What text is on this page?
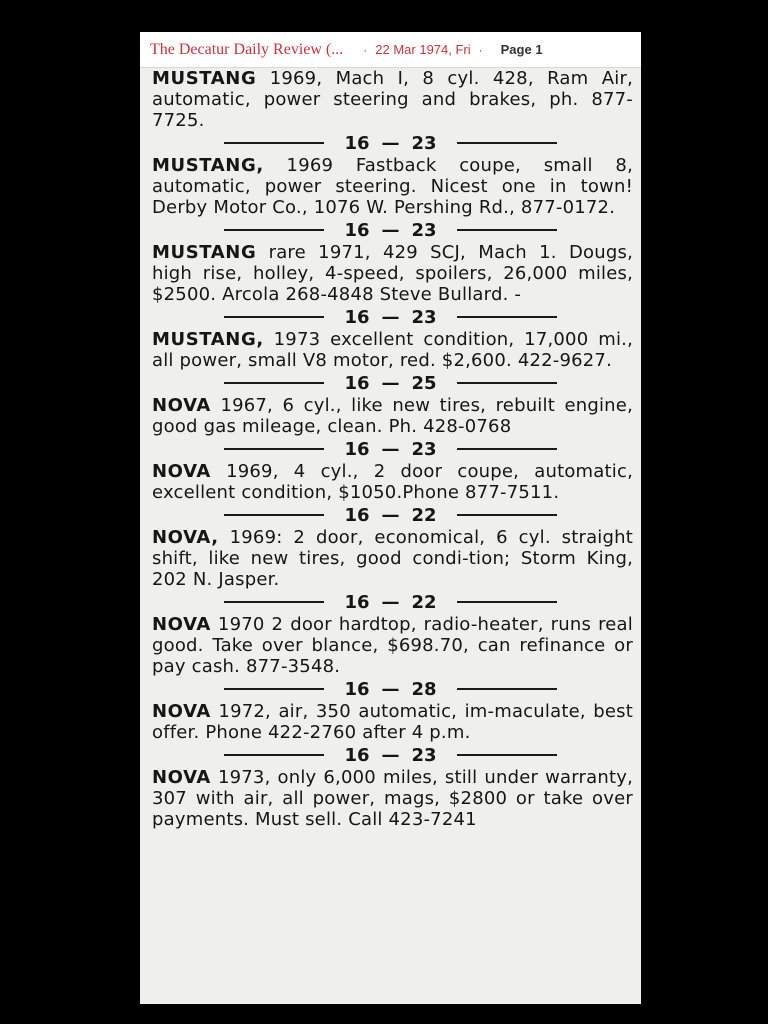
The Decatur Daily Review (... · 22 Mar 1974, Fri · Page 1

MUSTANG 1969, Mach I, 8 cyl. 428, Ram Air, automatic, power steering and brakes, ph. 877-7725.

16 — 23

MUSTANG, 1969 Fastback coupe, small 8, automatic, power steering. Nicest one in town! Derby Motor Co., 1076 W. Pershing Rd., 877-0172.

16 — 23

MUSTANG rare 1971, 429 SCJ, Mach 1. Dougs, high rise, holley, 4-speed, spoilers, 26,000 miles, $2500. Arcola 268-4848 Steve Bullard. -

16 — 23

MUSTANG, 1973 excellent condition, 17,000 mi., all power, small V8 motor, red. $2,600. 422-9627.

16 — 25

NOVA 1967, 6 cyl., like new tires, rebuilt engine, good gas mileage, clean. Ph. 428-0768

16 — 23

NOVA 1969, 4 cyl., 2 door coupe, automatic, excellent condition, $1050.Phone 877-7511.

16 — 22

NOVA, 1969: 2 door, economical, 6 cyl. straight shift, like new tires, good condi-tion; Storm King, 202 N. Jasper.

16 — 22

NOVA 1970 2 door hardtop, radio-heater, runs real good. Take over blance, $698.70, can refinance or pay cash. 877-3548.

16 — 28

NOVA 1972, air, 350 automatic, im-maculate, best offer. Phone 422-2760 after 4 p.m.

16 — 23

NOVA 1973, only 6,000 miles, still under warranty, 307 with air, all power, mags, $2800 or take over payments. Must sell. Call 423-7241
